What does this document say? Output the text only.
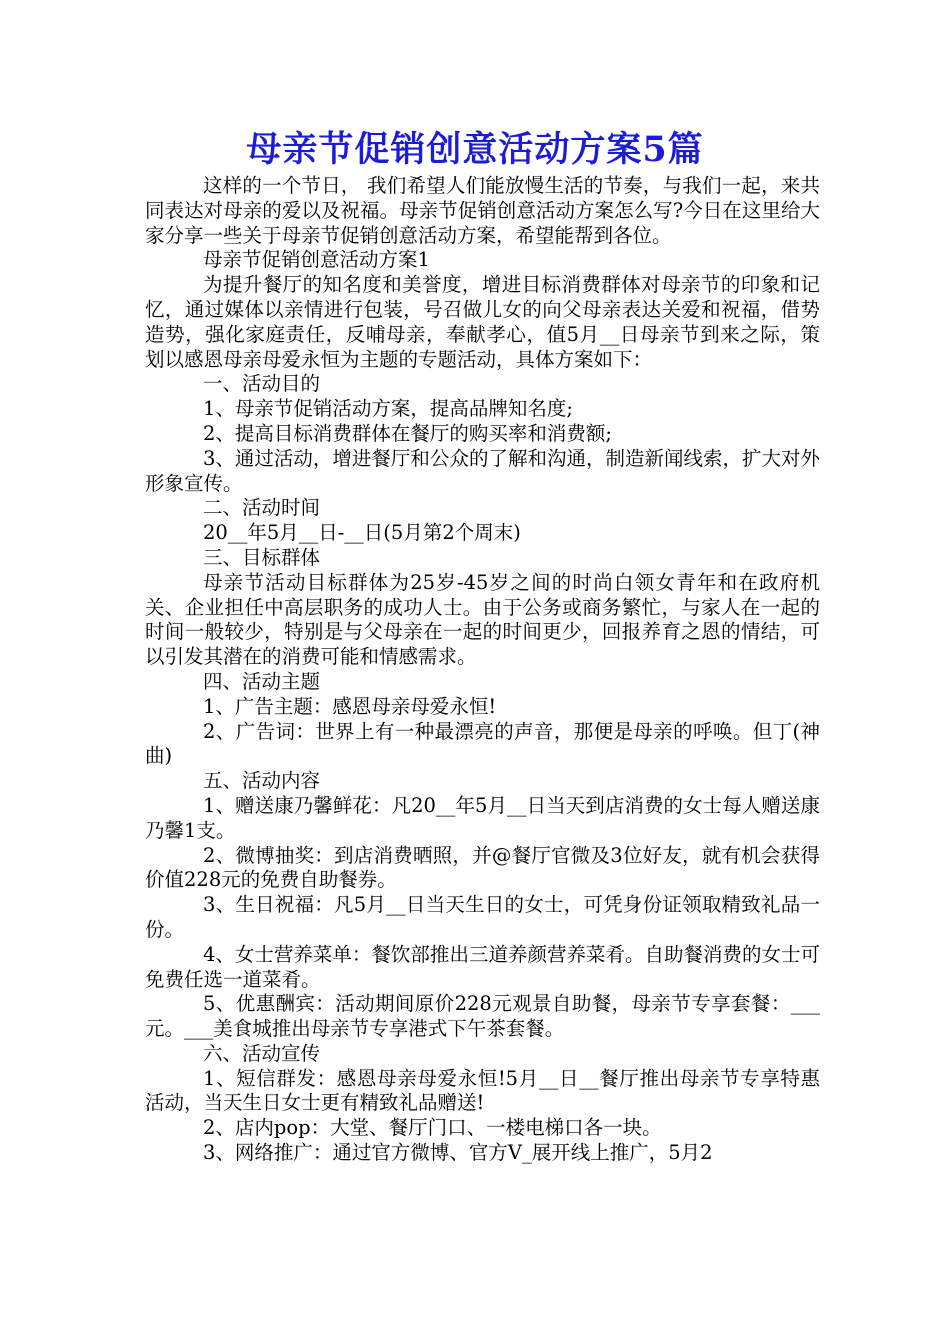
母亲节促销创意活动方案5篇

这样的一个节日， 我们希望人们能放慢生活的节奏，与我们一起，来共同表达对母亲的爱以及祝福。母亲节促销创意活动方案怎么写?今日在这里给大家分享一些关于母亲节促销创意活动方案，希望能帮到各位。

母亲节促销创意活动方案1

为提升餐厅的知名度和美誉度，增进目标消费群体对母亲节的印象和记忆，通过媒体以亲情进行包装，号召做儿女的向父母亲表达关爱和祝福，借势造势，强化家庭责任，反哺母亲，奉献孝心，值5月__日母亲节到来之际，策划以感恩母亲母爱永恒为主题的专题活动，具体方案如下：

一、活动目的

1、母亲节促销活动方案，提高品牌知名度;

2、提高目标消费群体在餐厅的购买率和消费额;

3、通过活动，增进餐厅和公众的了解和沟通，制造新闻线索，扩大对外形象宣传。

二、活动时间

20__年5月__日-__日(5月第2个周末)

三、目标群体

母亲节活动目标群体为25岁-45岁之间的时尚白领女青年和在政府机关、企业担任中高层职务的成功人士。由于公务或商务繁忙，与家人在一起的时间一般较少，特别是与父母亲在一起的时间更少，回报养育之恩的情结，可以引发其潜在的消费可能和情感需求。

四、活动主题

1、广告主题：感恩母亲母爱永恒!

2、广告词：世界上有一种最漂亮的声音，那便是母亲的呼唤。但丁(神曲)

五、活动内容

1、赠送康乃馨鲜花：凡20__年5月__日当天到店消费的女士每人赠送康乃馨1支。

2、微博抽奖：到店消费晒照，并@餐厅官微及3位好友，就有机会获得价值228元的免费自助餐券。

3、生日祝福：凡5月__日当天生日的女士，可凭身份证领取精致礼品一份。

4、女士营养菜单：餐饮部推出三道养颜营养菜肴。自助餐消费的女士可免费任选一道菜肴。

5、优惠酬宾：活动期间原价228元观景自助餐，母亲节专享套餐：___元。___美食城推出母亲节专享港式下午茶套餐。

六、活动宣传

1、短信群发：感恩母亲母爱永恒!5月__日__餐厅推出母亲节专享特惠活动，当天生日女士更有精致礼品赠送!

2、店内pop：大堂、餐厅门口、一楼电梯口各一块。

3、网络推广：通过官方微博、官方V_展开线上推广，5月2
